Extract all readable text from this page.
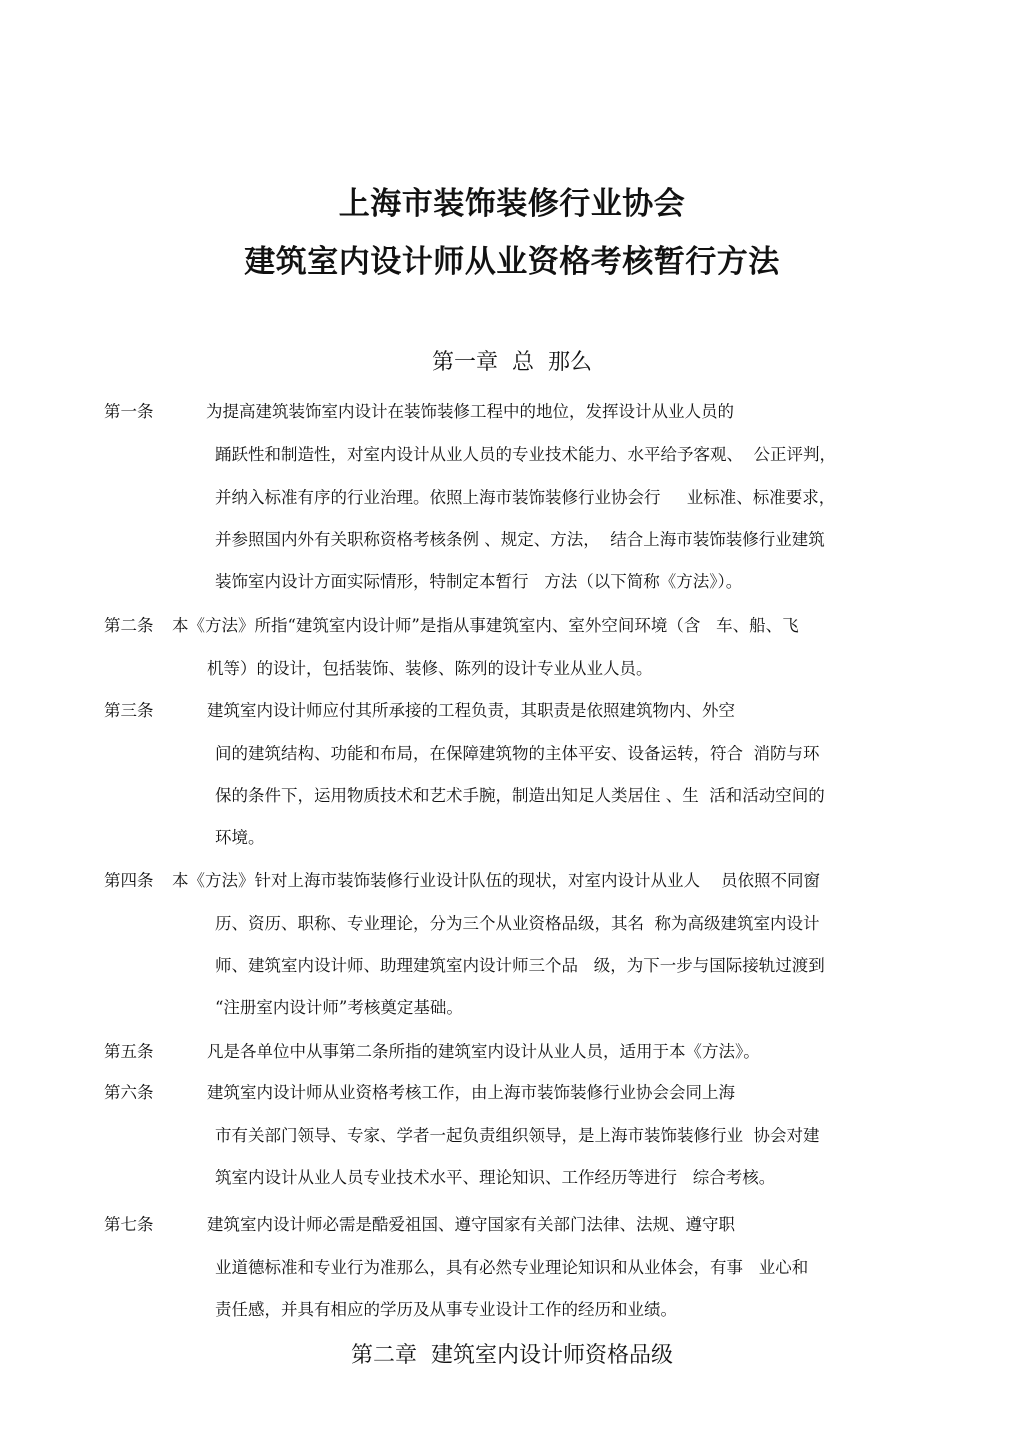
上海市装饰装修行业协会
建筑室内设计师从业资格考核暂行方法
第一章  总  那么
第一条	为提高建筑装饰室内设计在装饰装修工程中的地位，发挥设计从业人员的
踊跃性和制造性，对室内设计从业人员的专业技术能力、水平给予客观、  公正评判，
并纳入标准有序的行业治理。依照上海市装饰装修行业协会行     业标准、标准要求，
并参照国内外有关职称资格考核条例 、规定、方法，  结合上海市装饰装修行业建筑
装饰室内设计方面实际情形，特制定本暂行   方法（以下简称《方法》）。
第二条 本《方法》所指“建筑室内设计师”是指从事建筑室内、室外空间环境（含   车、船、飞
机等）的设计，包括装饰、装修、陈列的设计专业从业人员。
第三条	建筑室内设计师应付其所承接的工程负责，其职责是依照建筑物内、外空
间的建筑结构、功能和布局，在保障建筑物的主体平安、设备运转，符合  消防与环
保的条件下，运用物质技术和艺术手腕，制造出知足人类居住 、生  活和活动空间的
环境。
第四条 本《方法》针对上海市装饰装修行业设计队伍的现状，对室内设计从业人    员依照不同窗
历、资历、职称、专业理论，分为三个从业资格品级，其名  称为高级建筑室内设计
师、建筑室内设计师、助理建筑室内设计师三个品   级，为下一步与国际接轨过渡到
“注册室内设计师”考核奠定基础。
第五条	凡是各单位中从事第二条所指的建筑室内设计从业人员，适用于本《方法》。
第六条	建筑室内设计师从业资格考核工作，由上海市装饰装修行业协会会同上海
市有关部门领导、专家、学者一起负责组织领导，是上海市装饰装修行业  协会对建
筑室内设计从业人员专业技术水平、理论知识、工作经历等进行   综合考核。
第七条	建筑室内设计师必需是酷爱祖国、遵守国家有关部门法律、法规、遵守职
业道德标准和专业行为准那么，具有必然专业理论知识和从业体会，有事   业心和
责任感，并具有相应的学历及从事专业设计工作的经历和业绩。
第二章  建筑室内设计师资格品级
